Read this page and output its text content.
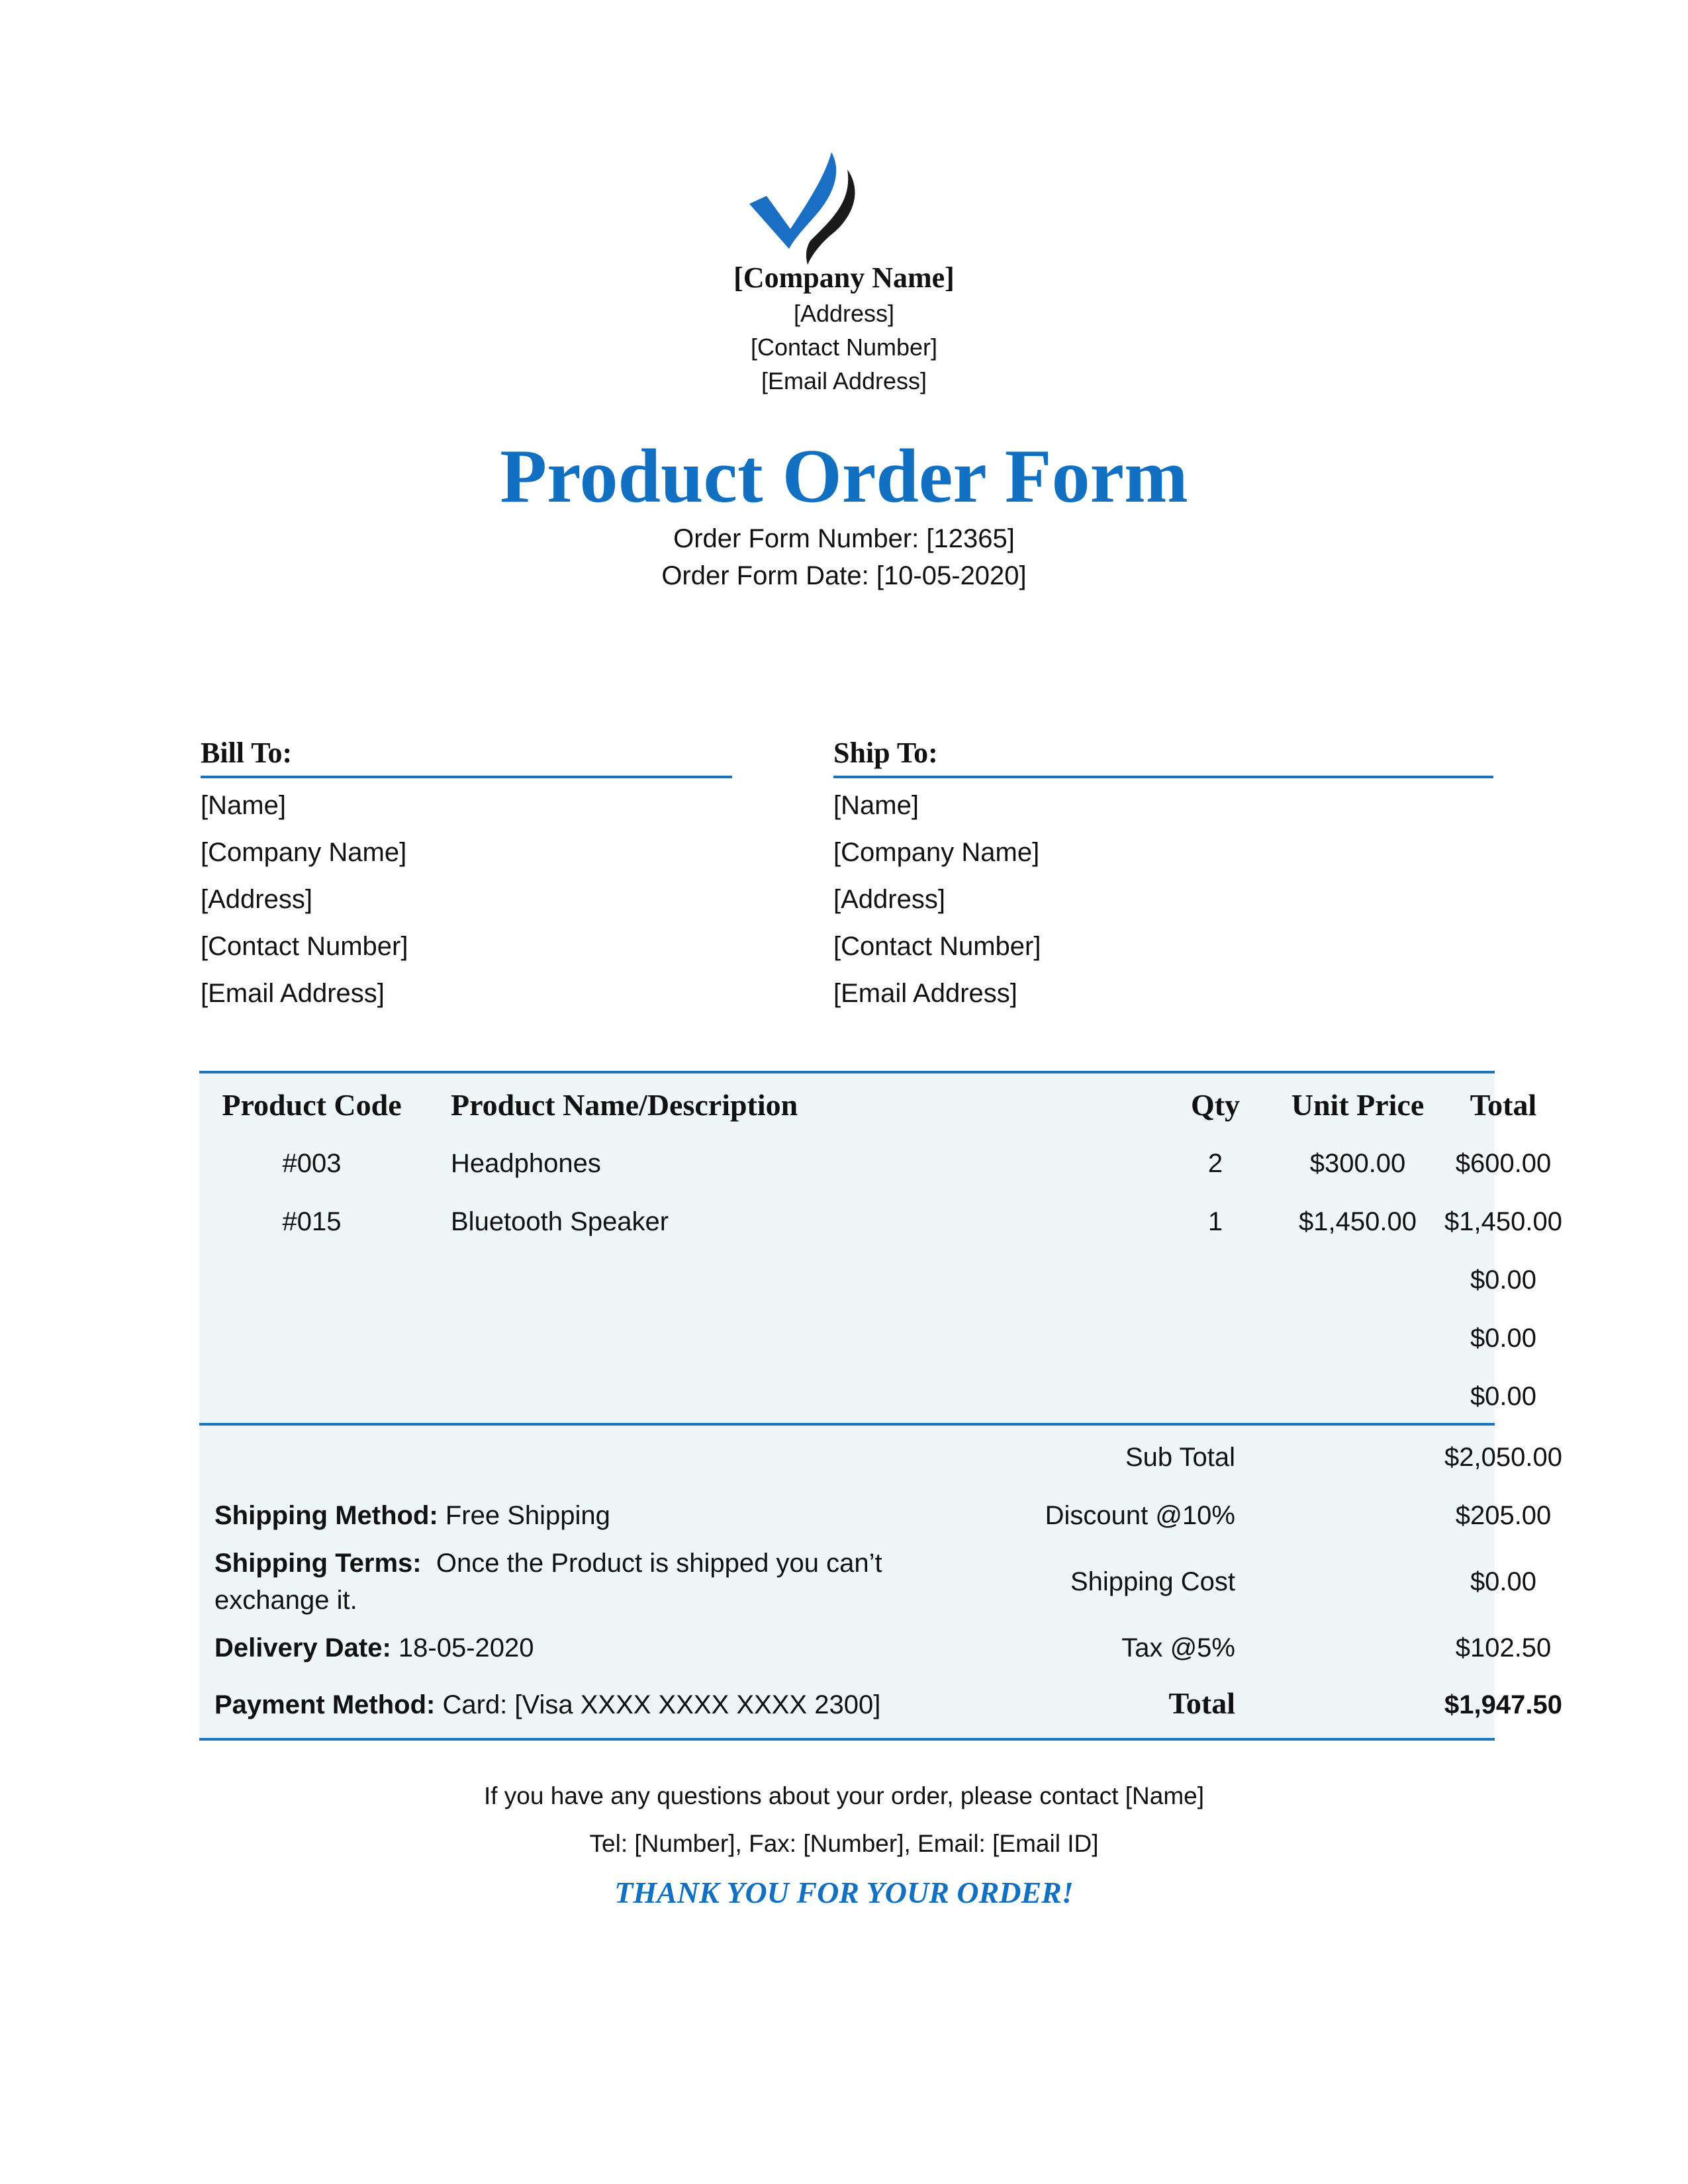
[Company Name]
[Address]
[Contact Number]
[Email Address]
Product Order Form
Order Form Number: [12365]
Order Form Date: [10-05-2020]
Bill To:
[Name]
[Company Name]
[Address]
[Contact Number]
[Email Address]
Ship To:
[Name]
[Company Name]
[Address]
[Contact Number]
[Email Address]
Product Code	Product Name/Description	Qty	Unit Price	Total
#003	Headphones	2	$300.00	$600.00
#015	Bluetooth Speaker	1	$1,450.00	$1,450.00
$0.00
$0.00
$0.00
Sub Total	$2,050.00
Shipping Method: Free Shipping	Discount @10%	$205.00
Shipping Terms: Once the Product is shipped you can’t exchange it.
Shipping Cost	$0.00
Delivery Date: 18-05-2020	Tax @5%	$102.50
Payment Method: Card: [Visa XXXX XXXX XXXX 2300]	Total	$1,947.50
If you have any questions about your order, please contact [Name]
Tel: [Number], Fax: [Number], Email: [Email ID]
THANK YOU FOR YOUR ORDER!
